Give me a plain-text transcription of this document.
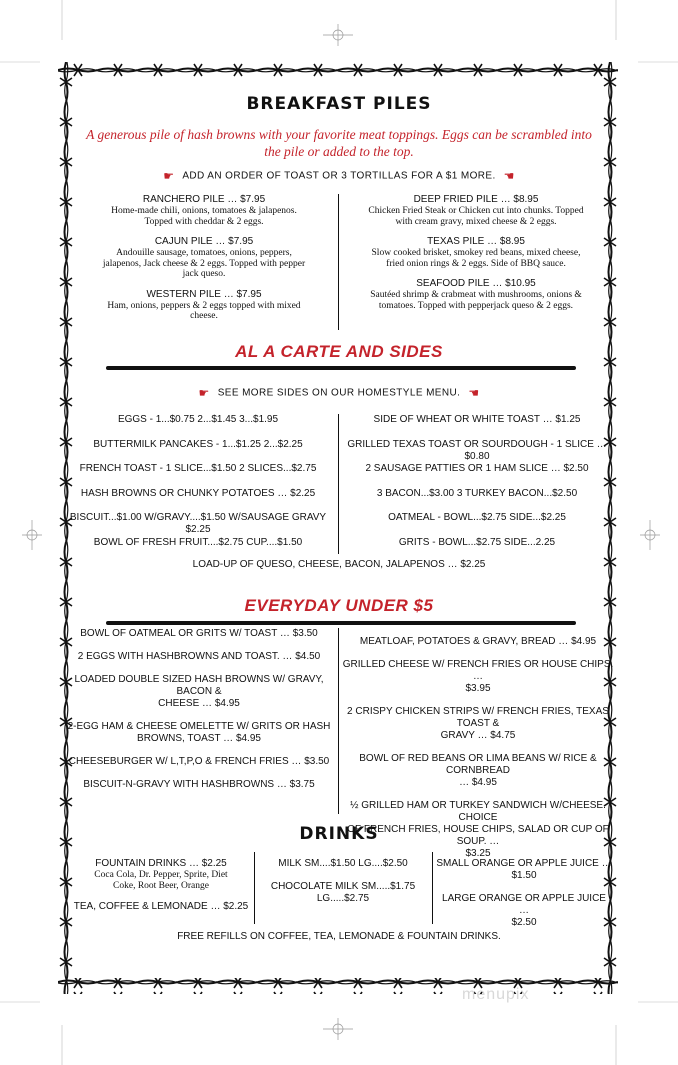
BREAKFAST PILES
A generous pile of hash browns with your favorite meat toppings. Eggs can be scrambled into
the pile or added to the top.
☛ ADD AN ORDER OF TOAST OR 3 TORTILLAS FOR A $1 MORE. ☚
RANCHERO PILE … $7.95
Home-made chili, onions, tomatoes & jalapenos.
Topped with cheddar & 2 eggs.
CAJUN PILE … $7.95
Andouille sausage, tomatoes, onions, peppers,
jalapenos, Jack cheese & 2 eggs. Topped with pepper
jack queso.
WESTERN PILE … $7.95
Ham, onions, peppers & 2 eggs topped with mixed
cheese.
DEEP FRIED PILE … $8.95
Chicken Fried Steak or Chicken cut into chunks. Topped
with cream gravy, mixed cheese & 2 eggs.
TEXAS PILE … $8.95
Slow cooked brisket, smokey red beans, mixed cheese,
fried onion rings & 2 eggs. Side of BBQ sauce.
SEAFOOD PILE … $10.95
Sautéed shrimp & crabmeat with mushrooms, onions &
tomatoes. Topped with pepperjack queso & 2 eggs.
AL A CARTE AND SIDES
☛ SEE MORE SIDES ON OUR HOMESTYLE MENU. ☚
EGGS - 1...$0.75 2...$1.45 3...$1.95
BUTTERMILK PANCAKES - 1...$1.25 2...$2.25
FRENCH TOAST - 1 SLICE...$1.50 2 SLICES...$2.75
HASH BROWNS OR CHUNKY POTATOES … $2.25
BISCUIT...$1.00 W/GRAVY....$1.50 W/SAUSAGE GRAVY $2.25
BOWL OF FRESH FRUIT....$2.75 CUP....$1.50
SIDE OF WHEAT OR WHITE TOAST … $1.25
GRILLED TEXAS TOAST OR SOURDOUGH - 1 SLICE … $0.80
2 SAUSAGE PATTIES OR 1 HAM SLICE … $2.50
3 BACON...$3.00 3 TURKEY BACON...$2.50
OATMEAL - BOWL...$2.75 SIDE...$2.25
GRITS - BOWL...$2.75 SIDE...2.25
LOAD-UP OF QUESO, CHEESE, BACON, JALAPENOS … $2.25
EVERYDAY UNDER $5
BOWL OF OATMEAL OR GRITS W/ TOAST … $3.50
2 EGGS WITH HASHBROWNS AND TOAST. … $4.50
LOADED DOUBLE SIZED HASH BROWNS W/ GRAVY, BACON &
CHEESE … $4.95
2-EGG HAM & CHEESE OMELETTE W/ GRITS OR HASH
BROWNS, TOAST … $4.95
CHEESEBURGER W/ L,T,P,O & FRENCH FRIES … $3.50
BISCUIT-N-GRAVY WITH HASHBROWNS … $3.75
MEATLOAF, POTATOES & GRAVY, BREAD … $4.95
GRILLED CHEESE W/ FRENCH FRIES OR HOUSE CHIPS. …
$3.95
2 CRISPY CHICKEN STRIPS W/ FRENCH FRIES, TEXAS TOAST &
GRAVY … $4.75
BOWL OF RED BEANS OR LIMA BEANS W/ RICE & CORNBREAD
… $4.95
½ GRILLED HAM OR TURKEY SANDWICH W/CHEESE. CHOICE
OF FRENCH FRIES, HOUSE CHIPS, SALAD OR CUP OF SOUP. …
$3.25
DRINKS
FOUNTAIN DRINKS … $2.25
Coca Cola, Dr. Pepper, Sprite, Diet
Coke, Root Beer, Orange
TEA, COFFEE & LEMONADE … $2.25
MILK SM....$1.50 LG....$2.50
CHOCOLATE MILK SM.....$1.75
LG.....$2.75
SMALL ORANGE OR APPLE JUICE …
$1.50
LARGE ORANGE OR APPLE JUICE …
$2.50
FREE REFILLS ON COFFEE, TEA, LEMONADE & FOUNTAIN DRINKS.
menupix
